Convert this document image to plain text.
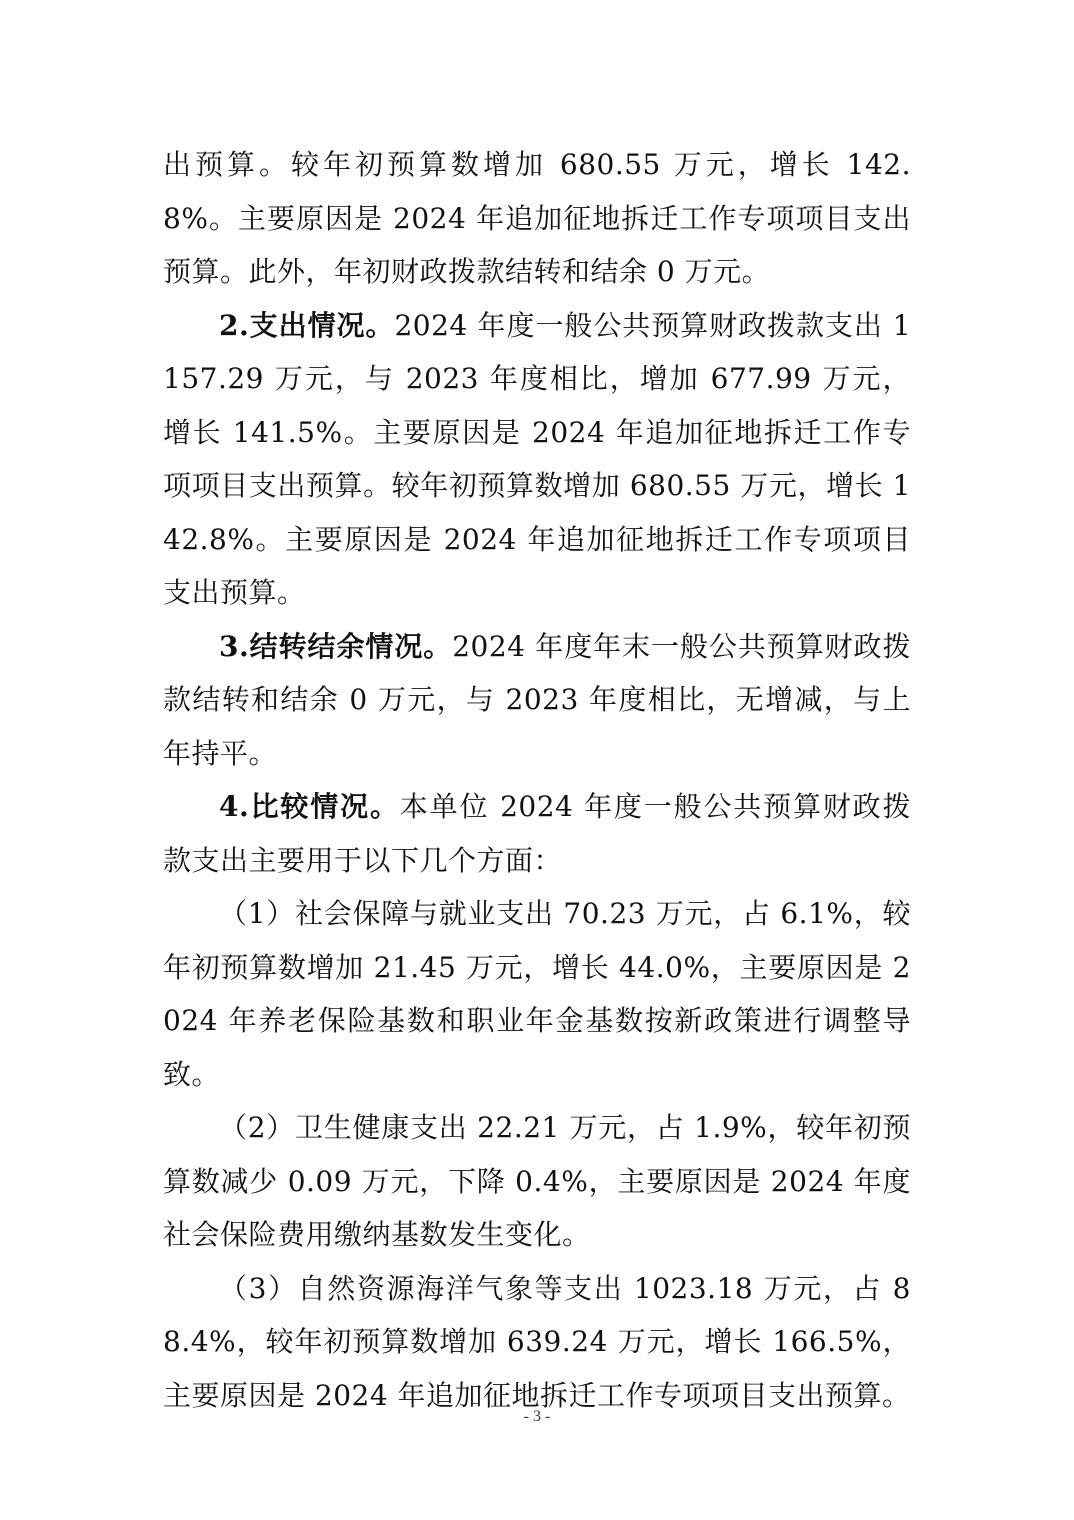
出预算。较年初预算数增加 680.55 万元，增长 142.8%。主要原因是 2024 年追加征地拆迁工作专项项目支出预算。此外，年初财政拨款结转和结余 0 万元。

2.支出情况。2024 年度一般公共预算财政拨款支出 1157.29 万元，与 2023 年度相比，增加 677.99 万元，增长 141.5%。主要原因是 2024 年追加征地拆迁工作专项项目支出预算。较年初预算数增加 680.55 万元，增长 142.8%。主要原因是 2024 年追加征地拆迁工作专项项目支出预算。

3.结转结余情况。2024 年度年末一般公共预算财政拨款结转和结余 0 万元，与 2023 年度相比，无增减，与上年持平。

4.比较情况。本单位 2024 年度一般公共预算财政拨款支出主要用于以下几个方面：

（1）社会保障与就业支出 70.23 万元，占 6.1%，较年初预算数增加 21.45 万元，增长 44.0%，主要原因是 2024 年养老保险基数和职业年金基数按新政策进行调整导致。

（2）卫生健康支出 22.21 万元，占 1.9%，较年初预算数减少 0.09 万元，下降 0.4%，主要原因是 2024 年度社会保险费用缴纳基数发生变化。

（3）自然资源海洋气象等支出 1023.18 万元，占 88.4%，较年初预算数增加 639.24 万元，增长 166.5%，主要原因是 2024 年追加征地拆迁工作专项项目支出预算。

- 3 -
